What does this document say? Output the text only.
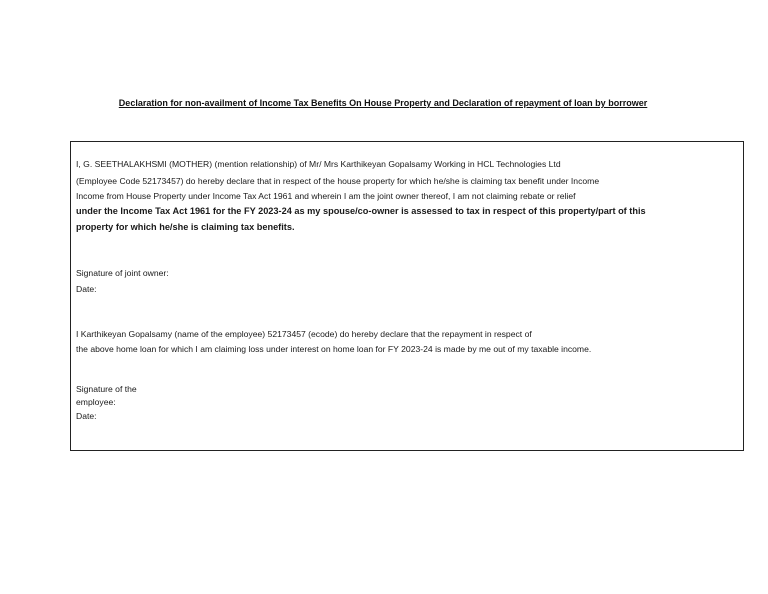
Declaration for non-availment of Income Tax Benefits On House Property and Declaration of repayment of loan by borrower
I, G. SEETHALAKHSMI (MOTHER) (mention relationship) of Mr/ Mrs Karthikeyan Gopalsamy Working in HCL Technologies Ltd
(Employee Code 52173457) do hereby declare that in respect of the house property for which he/she is claiming tax benefit under Income
Income from House Property under Income Tax Act 1961 and wherein I am the joint owner thereof, I am not claiming rebate or relief
under the Income Tax Act 1961 for the FY 2023-24 as my spouse/co-owner is assessed to tax in respect of this property/part of this
property for which he/she is claiming tax benefits.
Signature of joint owner:
Date:
I Karthikeyan Gopalsamy (name of the employee) 52173457 (ecode) do hereby declare that the repayment in respect of
the above home loan for which I am claiming loss under interest on home loan for FY 2023-24 is made by me out of my taxable income.
Signature of the
employee:
Date:
